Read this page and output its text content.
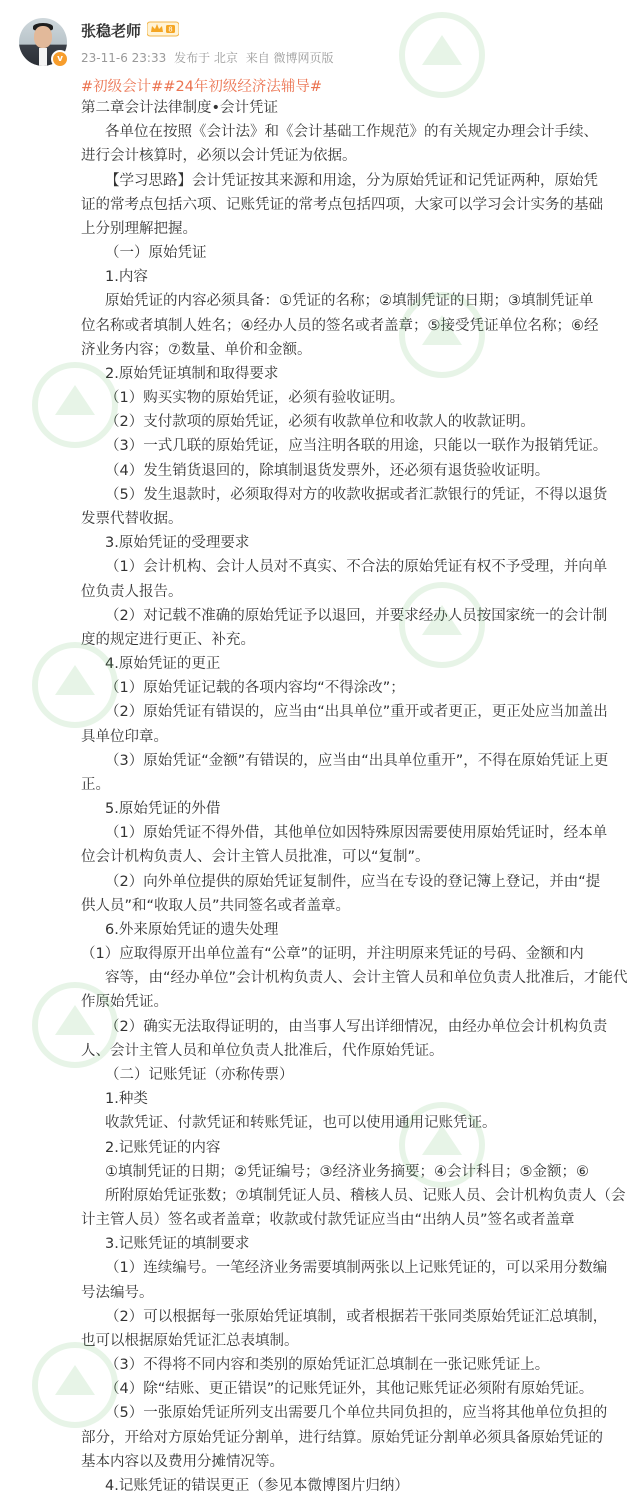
v
张稳老师	8
23-11-6 23:33 发布于 北京 来自 微博网页版
#初级会计##24年初级经济法辅导#
第二章会计法律制度•会计凭证
各单位在按照《会计法》和《会计基础工作规范》的有关规定办理会计手续、
进行会计核算时，必须以会计凭证为依据。
【学习思路】会计凭证按其来源和用途，分为原始凭证和记凭证两种，原始凭
证的常考点包括六项、记账凭证的常考点包括四项，大家可以学习会计实务的基础
上分别理解把握。
（一）原始凭证
1.内容
原始凭证的内容必须具备：①凭证的名称；②填制凭证的日期；③填制凭证单
位名称或者填制人姓名；④经办人员的签名或者盖章；⑤接受凭证单位名称；⑥经
济业务内容；⑦数量、单价和金额。
2.原始凭证填制和取得要求
（1）购买实物的原始凭证，必须有验收证明。
（2）支付款项的原始凭证，必须有收款单位和收款人的收款证明。
（3）一式几联的原始凭证，应当注明各联的用途，只能以一联作为报销凭证。
（4）发生销货退回的，除填制退货发票外，还必须有退货验收证明。
（5）发生退款时，必须取得对方的收款收据或者汇款银行的凭证，不得以退货
发票代替收据。
3.原始凭证的受理要求
（1）会计机构、会计人员对不真实、不合法的原始凭证有权不予受理，并向单
位负责人报告。
（2）对记载不准确的原始凭证予以退回，并要求经办人员按国家统一的会计制
度的规定进行更正、补充。
4.原始凭证的更正
（1）原始凭证记载的各项内容均“不得涂改”；
（2）原始凭证有错误的，应当由“出具单位”重开或者更正，更正处应当加盖出
具单位印章。
（3）原始凭证“金额”有错误的，应当由“出具单位重开”，不得在原始凭证上更
正。
5.原始凭证的外借
（1）原始凭证不得外借，其他单位如因特殊原因需要使用原始凭证时，经本单
位会计机构负责人、会计主管人员批准，可以“复制”。
（2）向外单位提供的原始凭证复制件，应当在专设的登记簿上登记，并由“提
供人员”和“收取人员”共同签名或者盖章。
6.外来原始凭证的遗失处理
（1）应取得原开出单位盖有“公章”的证明，并注明原来凭证的号码、金额和内
容等，由“经办单位”会计机构负责人、会计主管人员和单位负责人批准后，才能代
作原始凭证。
（2）确实无法取得证明的，由当事人写出详细情况，由经办单位会计机构负责
人、会计主管人员和单位负责人批准后，代作原始凭证。
（二）记账凭证（亦称传票）
1.种类
收款凭证、付款凭证和转账凭证，也可以使用通用记账凭证。
2.记账凭证的内容
①填制凭证的日期；②凭证编号；③经济业务摘要；④会计科目；⑤金额；⑥
所附原始凭证张数；⑦填制凭证人员、稽核人员、记账人员、会计机构负责人（会
计主管人员）签名或者盖章；收款或付款凭证应当由“出纳人员”签名或者盖章
3.记账凭证的填制要求
（1）连续编号。一笔经济业务需要填制两张以上记账凭证的，可以采用分数编
号法编号。
（2）可以根据每一张原始凭证填制，或者根据若干张同类原始凭证汇总填制，
也可以根据原始凭证汇总表填制。
（3）不得将不同内容和类别的原始凭证汇总填制在一张记账凭证上。
（4）除“结账、更正错误”的记账凭证外，其他记账凭证必须附有原始凭证。
（5）一张原始凭证所列支出需要几个单位共同负担的，应当将其他单位负担的
部分，开给对方原始凭证分割单，进行结算。原始凭证分割单必须具备原始凭证的
基本内容以及费用分摊情况等。
4.记账凭证的错误更正（参见本微博图片归纳）
